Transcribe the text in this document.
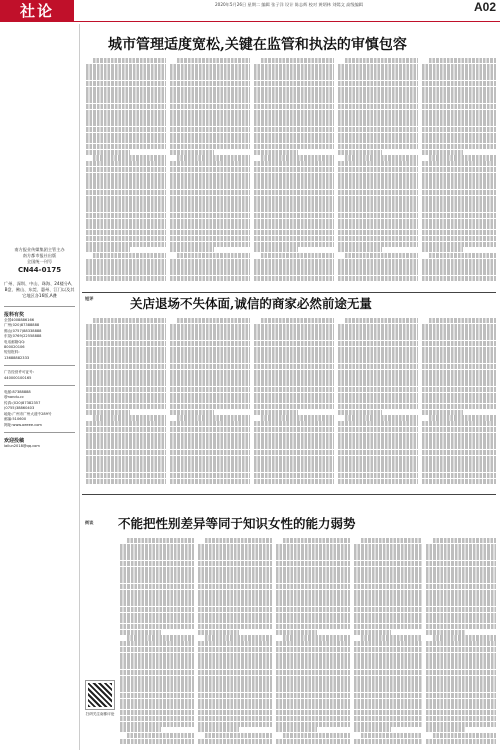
社论	2020年5月26日 星期二 编辑 张子洋 设计 陈志辉 校对 黄炳林 刘嫣文 高级编辑	A02
南方报业传媒集团主管主办
南方都市报社出版
全国统一刊号
CN44-0175
广州、深圳、中山、珠海、24楼分A、B盘、佛山、东莞、惠州、江门以及其它地区各16版,A叠
报料有奖
全国4008886166
广州(020)87388888
佛山(0757)88338888
东莞(0769)22558888
电话邮箱QQ:
800020106
短信报料:
13688882333
广告经营许可证号:
440000100165
电邮:87388888
@nandu.cc
传真:(020)87382357
(0755)38860403
地址:广州市广州大道中289号
邮编:510600
网址:www.oeeee.com
欢迎投稿
lailun2018@qq.com
城市管理适度宽松,关键在监管和执法的审慎包容
短评	关店退场不失体面,诚信的商家必然前途无量
街谈 不能把性别差异等同于知识女性的能力弱势
扫码关注南都评论
